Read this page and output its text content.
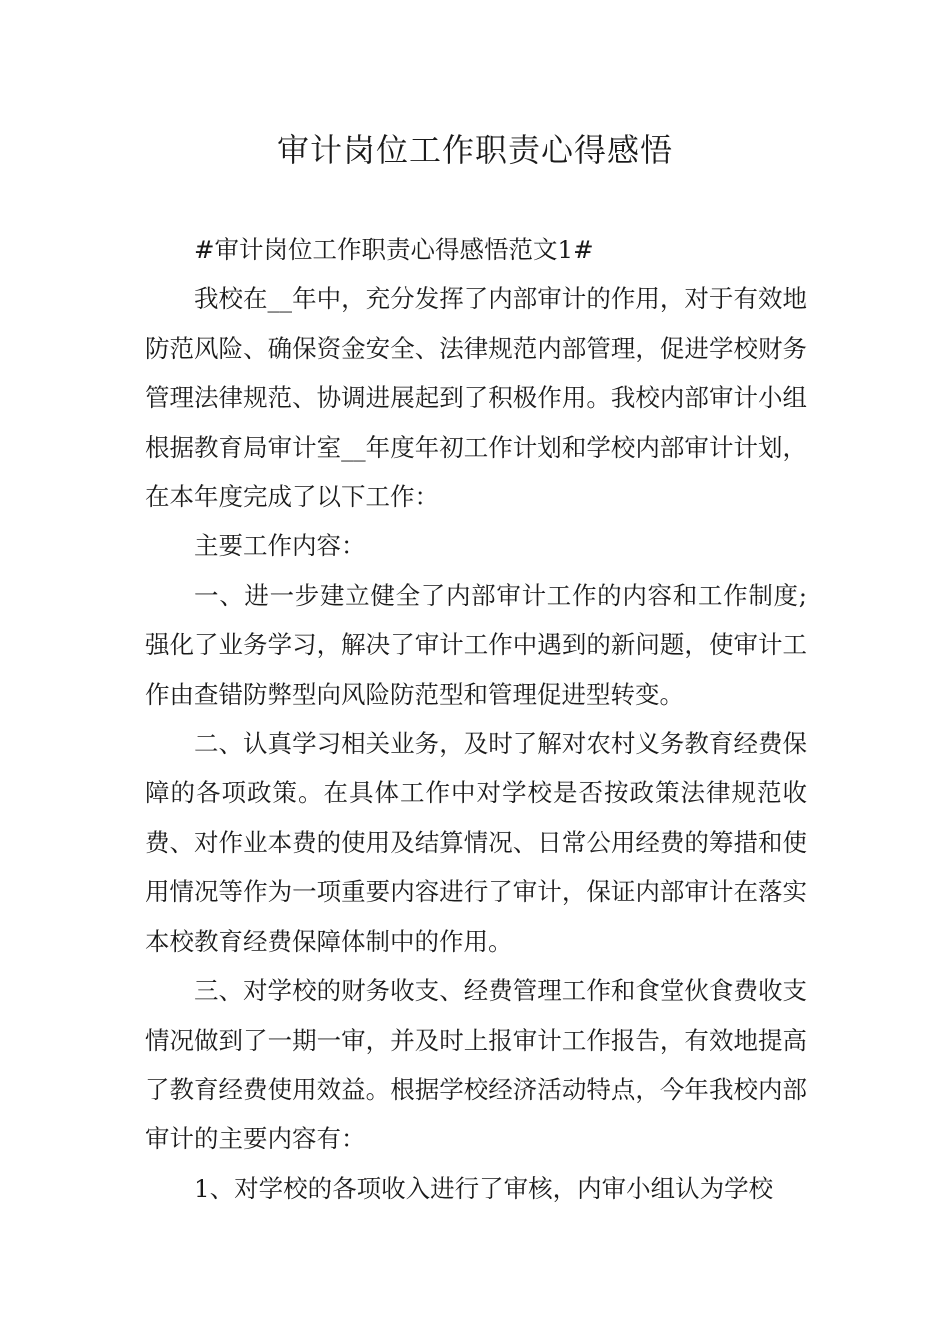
审计岗位工作职责心得感悟

#审计岗位工作职责心得感悟范文1#

我校在__年中，充分发挥了内部审计的作用，对于有效地防范风险、确保资金安全、法律规范内部管理，促进学校财务管理法律规范、协调进展起到了积极作用。我校内部审计小组根据教育局审计室__年度年初工作计划和学校内部审计计划，在本年度完成了以下工作：

主要工作内容：

一、进一步建立健全了内部审计工作的内容和工作制度;强化了业务学习，解决了审计工作中遇到的新问题，使审计工作由查错防弊型向风险防范型和管理促进型转变。

二、认真学习相关业务，及时了解对农村义务教育经费保障的各项政策。在具体工作中对学校是否按政策法律规范收费、对作业本费的使用及结算情况、日常公用经费的筹措和使用情况等作为一项重要内容进行了审计，保证内部审计在落实本校教育经费保障体制中的作用。

三、对学校的财务收支、经费管理工作和食堂伙食费收支情况做到了一期一审，并及时上报审计工作报告，有效地提高了教育经费使用效益。根据学校经济活动特点，今年我校内部审计的主要内容有：

1、对学校的各项收入进行了审核，内审小组认为学校
